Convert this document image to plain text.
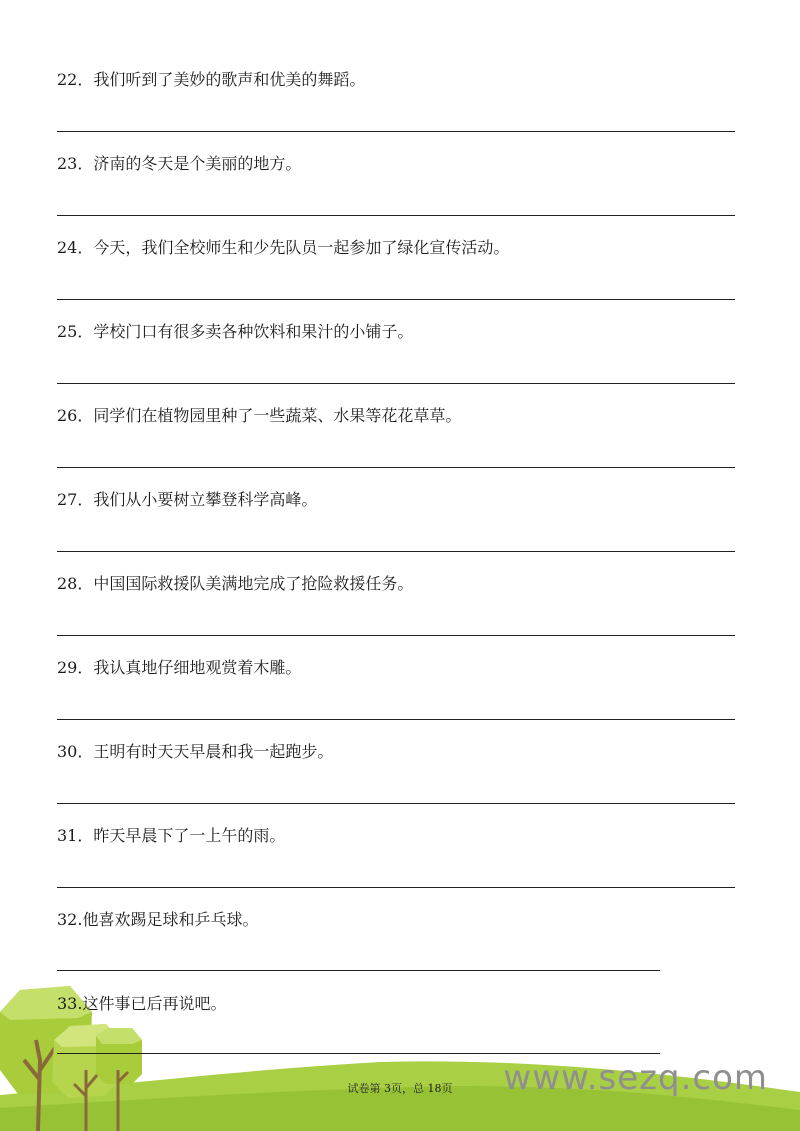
22．我们听到了美妙的歌声和优美的舞蹈。
23．济南的冬天是个美丽的地方。
24．今天，我们全校师生和少先队员一起参加了绿化宣传活动。
25．学校门口有很多卖各种饮料和果汁的小铺子。
26．同学们在植物园里种了一些蔬菜、水果等花花草草。
27．我们从小要树立攀登科学高峰。
28．中国国际救援队美满地完成了抢险救援任务。
29．我认真地仔细地观赏着木雕。
30．王明有时天天早晨和我一起跑步。
31．昨天早晨下了一上午的雨。
32.他喜欢踢足球和乒乓球。
33.这件事已后再说吧。
试卷第 3页，总 18页	www.sezq.com
